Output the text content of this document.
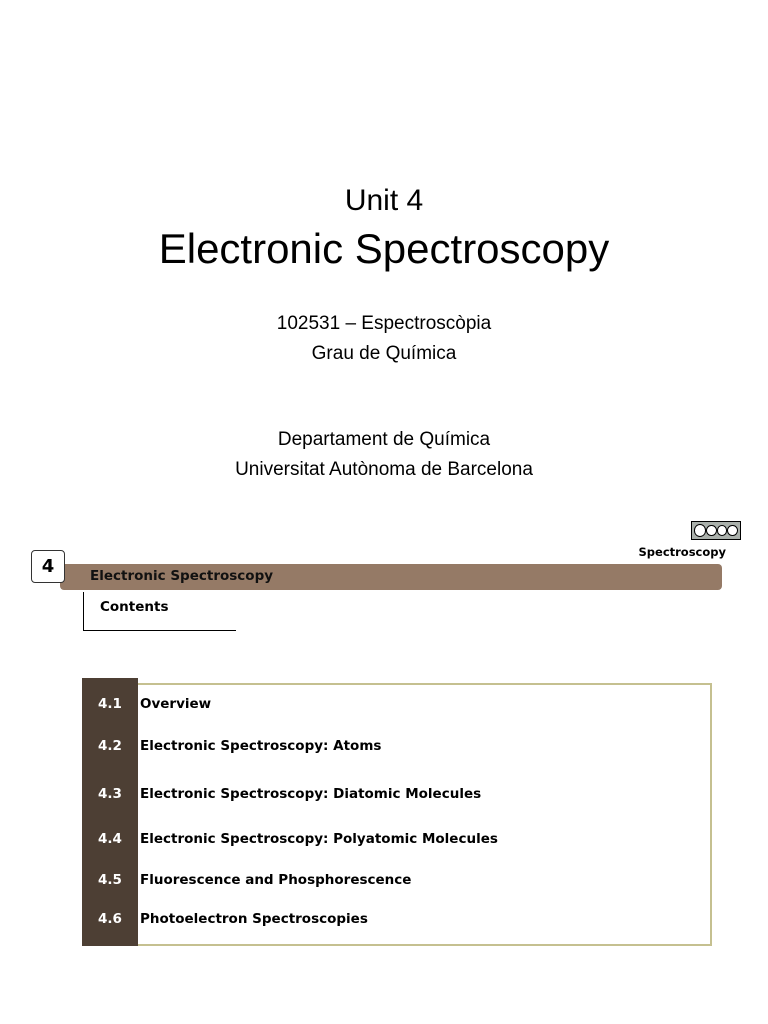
Unit 4
Electronic Spectroscopy
102531 – Espectroscòpia
Grau de Química
Departament de Química
Universitat Autònoma de Barcelona
Spectroscopy
Electronic Spectroscopy
4
Contents
4.1	Overview
4.2	Electronic Spectroscopy: Atoms
4.3	Electronic Spectroscopy: Diatomic Molecules
4.4	Electronic Spectroscopy: Polyatomic Molecules
4.5	Fluorescence and Phosphorescence
4.6	Photoelectron Spectroscopies
